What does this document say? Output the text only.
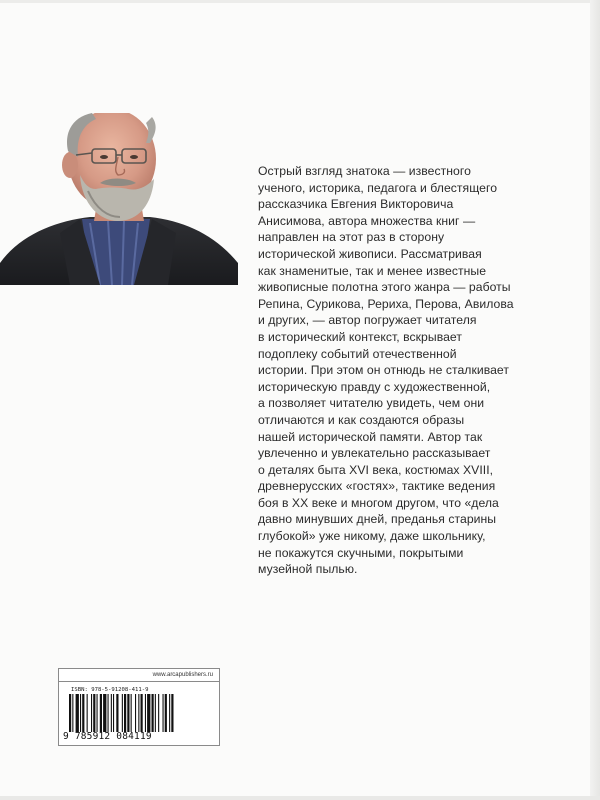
Острый взгляд знатока — известного
ученого, историка, педагога и блестящего
рассказчика Евгения Викторовича
Анисимова, автора множества книг —
направлен на этот раз в сторону
исторической живописи. Рассматривая
как знаменитые, так и менее известные
живописные полотна этого жанра — работы
Репина, Сурикова, Рериха, Перова, Авилова
и других, — автор погружает читателя
в исторический контекст, вскрывает
подоплеку событий отечественной
истории. При этом он отнюдь не сталкивает
историческую правду с художественной,
а позволяет читателю увидеть, чем они
отличаются и как создаются образы
нашей исторической памяти. Автор так
увлеченно и увлекательно рассказывает
о деталях быта XVI века, костюмах XVIII,
древнерусских «гостях», тактике ведения
боя в XX веке и многом другом, что «дела
давно минувших дней, преданья старины
глубокой» уже никому, даже школьнику,
не покажутся скучными, покрытыми
музейной пылью.
www.arcapublishers.ru
ISBN: 978-5-91208-411-9
9 785912 084119
